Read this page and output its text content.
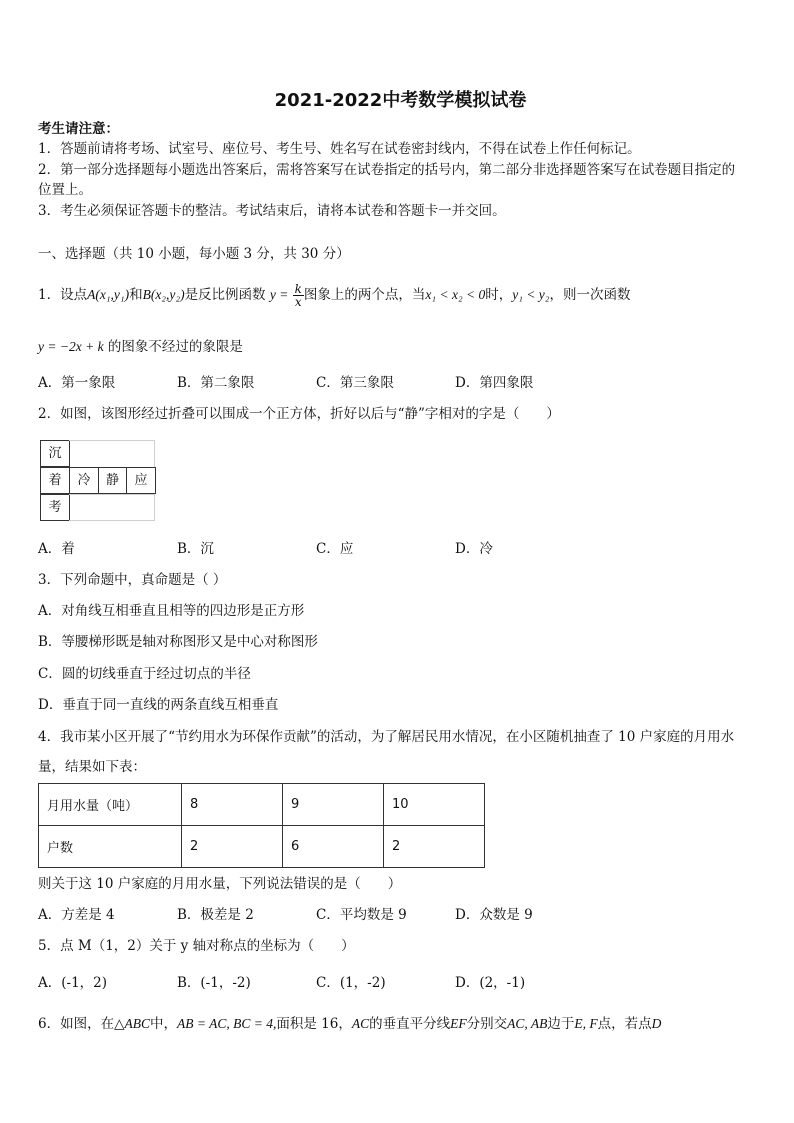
2021-2022中考数学模拟试卷
考生请注意：
1．答题前请将考场、试室号、座位号、考生号、姓名写在试卷密封线内，不得在试卷上作任何标记。
2．第一部分选择题每小题选出答案后，需将答案写在试卷指定的括号内，第二部分非选择题答案写在试卷题目指定的
位置上。
3．考生必须保证答题卡的整洁。考试结束后，请将本试卷和答题卡一并交回。
一、选择题（共 10 小题，每小题 3 分，共 30 分）
1．设点A(x₁,y₁)和B(x₂,y₂)是反比例函数 $y = \frac{k}{x}$ 图象上的两个点，当x₁ < x₂ < 0时，y₁ < y₂，则一次函数
y = −2x + k 的图象不经过的象限是
A．第一象限	B．第二象限	C．第三象限	D．第四象限
2．如图，该图形经过折叠可以围成一个正方体，折好以后与“静”字相对的字是（　　）
沉
着	冷	静	应
考
A．着	B．沉	C．应	D．冷
3．下列命题中，真命题是（ ）
A．对角线互相垂直且相等的四边形是正方形
B．等腰梯形既是轴对称图形又是中心对称图形
C．圆的切线垂直于经过切点的半径
D．垂直于同一直线的两条直线互相垂直
4．我市某小区开展了“节约用水为环保作贡献”的活动，为了解居民用水情况，在小区随机抽查了 10 户家庭的月用水
量，结果如下表：
月用水量（吨）	8	9	10
户数	2	6	2
则关于这 10 户家庭的月用水量，下列说法错误的是（　　）
A．方差是 4	B．极差是 2	C．平均数是 9	D．众数是 9
5．点 M（1，2）关于 y 轴对称点的坐标为（　　）
A．(-1，2)	B．(-1，-2)	C．(1，-2)	D．(2，-1)
6．如图，在△ABC中，AB = AC, BC = 4,面积是 16，AC的垂直平分线EF分别交AC, AB边于E, F点，若点D
